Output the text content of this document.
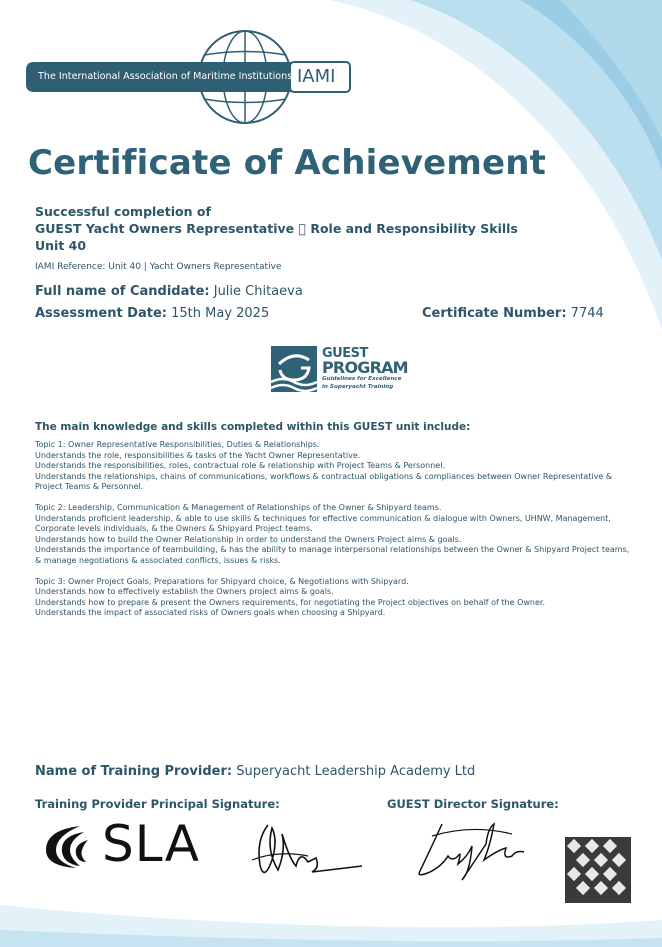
The International Association of Maritime Institutions IAMI
Certificate of Achievement
Successful completion of
GUEST Yacht Owners Representative   Role and Responsibility Skills
Unit 40
IAMI Reference: Unit 40 | Yacht Owners Representative
Full name of Candidate: Julie Chitaeva
Assessment Date: 15th May 2025	Certificate Number: 7744
GUEST
PROGRAM
Guidelines for Excellence
in Superyacht Training
The main knowledge and skills completed within this GUEST unit include:
Topic 1: Owner Representative Responsibilities, Duties & Relationships.
Understands the role, responsibilities & tasks of the Yacht Owner Representative.
Understands the responsibilities, roles, contractual role & relationship with Project Teams & Personnel.
Understands the relationships, chains of communications, workflows & contractual obligations & compliances between Owner Representative & Project Teams & Personnel.
Topic 2: Leadership, Communication & Management of Relationships of the Owner & Shipyard teams.
Understands proficient leadership, & able to use skills & techniques for effective communication & dialogue with Owners, UHNW, Management, Corporate levels individuals, & the Owners & Shipyard Project teams.
Understands how to build the Owner Relationship in order to understand the Owners Project aims & goals.
Understands the importance of teambuilding, & has the ability to manage interpersonal relationships between the Owner & Shipyard Project teams, & manage negotiations & associated conflicts, issues & risks.
Topic 3: Owner Project Goals, Preparations for Shipyard choice, & Negotiations with Shipyard.
Understands how to effectively establish the Owners project aims & goals.
Understands how to prepare & present the Owners requirements, for negotiating the Project objectives on behalf of the Owner.
Understands the impact of associated risks of Owners goals when choosing a Shipyard.
Name of Training Provider: Superyacht Leadership Academy Ltd
Training Provider Principal Signature:	GUEST Director Signature:
SLA
